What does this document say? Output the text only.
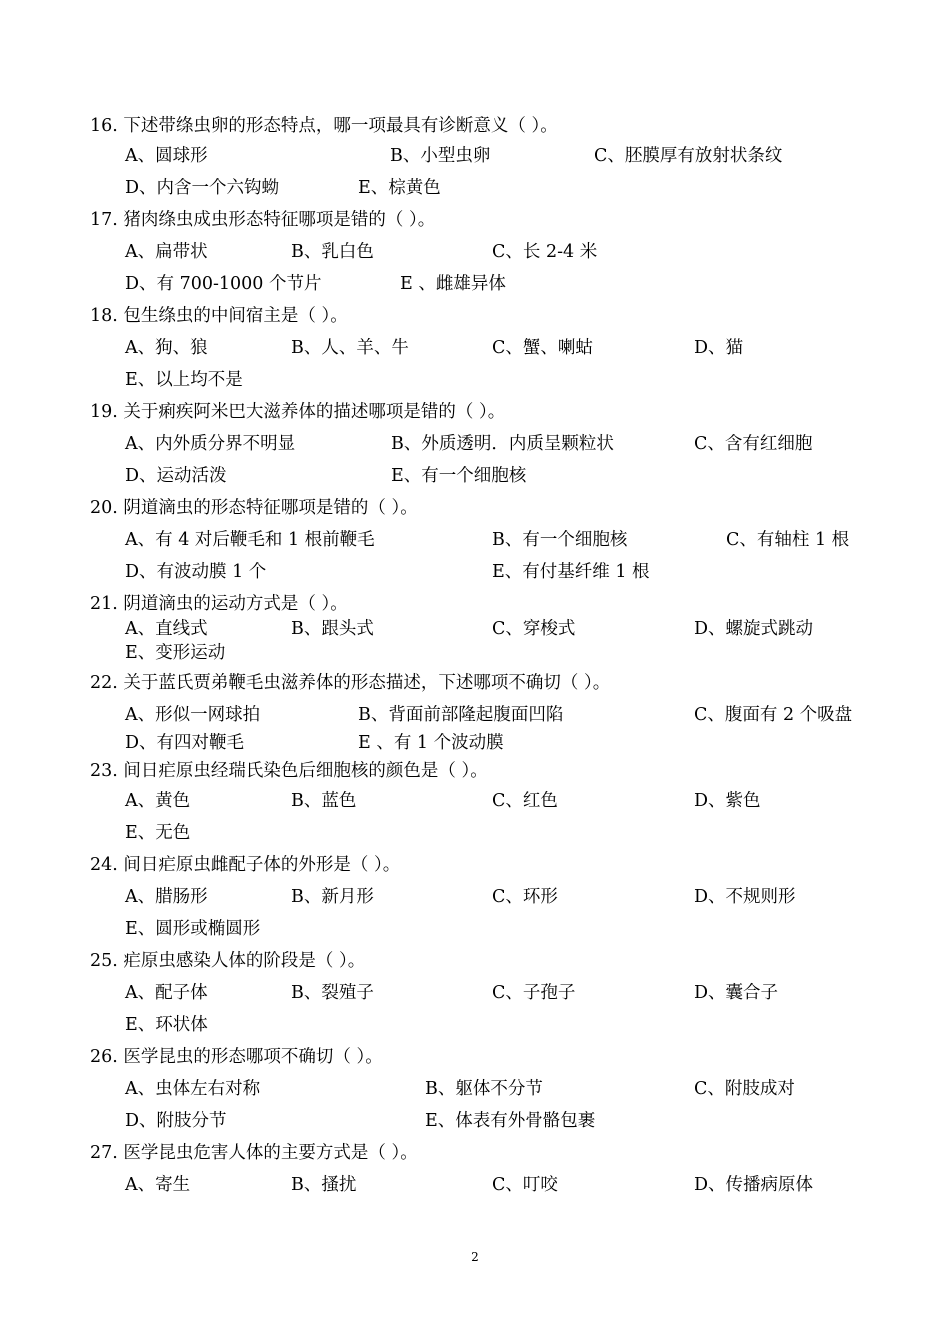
16. 下述带绦虫卵的形态特点，哪一项最具有诊断意义（ ）。
A、圆球形	B、小型虫卵	C、胚膜厚有放射状条纹
D、内含一个六钩蚴	E、棕黄色
17. 猪肉绦虫成虫形态特征哪项是错的（ ）。
A、扁带状	B、乳白色	C、长 2-4 米
D、有 700-1000 个节片	E 、雌雄异体
18. 包生绦虫的中间宿主是（ ）。
A、狗、狼	B、人、羊、牛	C、蟹、喇蛄	D、猫
E、以上均不是
19. 关于痢疾阿米巴大滋养体的描述哪项是错的（ ）。
A、内外质分界不明显	B、外质透明．内质呈颗粒状	C、含有红细胞
D、运动活泼	E、有一个细胞核
20. 阴道滴虫的形态特征哪项是错的（ ）。
A、有 4 对后鞭毛和 1 根前鞭毛	B、有一个细胞核	C、有轴柱 1 根
D、有波动膜 1 个	E、有付基纤维 1 根
21. 阴道滴虫的运动方式是（ ）。
A、直线式	B、跟头式	C、穿梭式	D、螺旋式跳动
E、变形运动
22. 关于蓝氏贾弟鞭毛虫滋养体的形态描述，下述哪项不确切（ ）。
A、形似一网球拍	B、背面前部隆起腹面凹陷	C、腹面有 2 个吸盘
D、有四对鞭毛	E 、有 1 个波动膜
23. 间日疟原虫经瑞氏染色后细胞核的颜色是（ ）。
A、黄色	B、蓝色	C、红色	D、紫色
E、无色
24. 间日疟原虫雌配子体的外形是（ ）。
A、腊肠形	B、新月形	C、环形	D、不规则形
E、圆形或椭圆形
25. 疟原虫感染人体的阶段是（ ）。
A、配子体	B、裂殖子	C、子孢子	D、囊合子
E、环状体
26. 医学昆虫的形态哪项不确切（ ）。
A、虫体左右对称	B、躯体不分节	C、附肢成对
D、附肢分节	E、体表有外骨骼包裹
27. 医学昆虫危害人体的主要方式是（ ）。
A、寄生	B、搔扰	C、叮咬	D、传播病原体
2
